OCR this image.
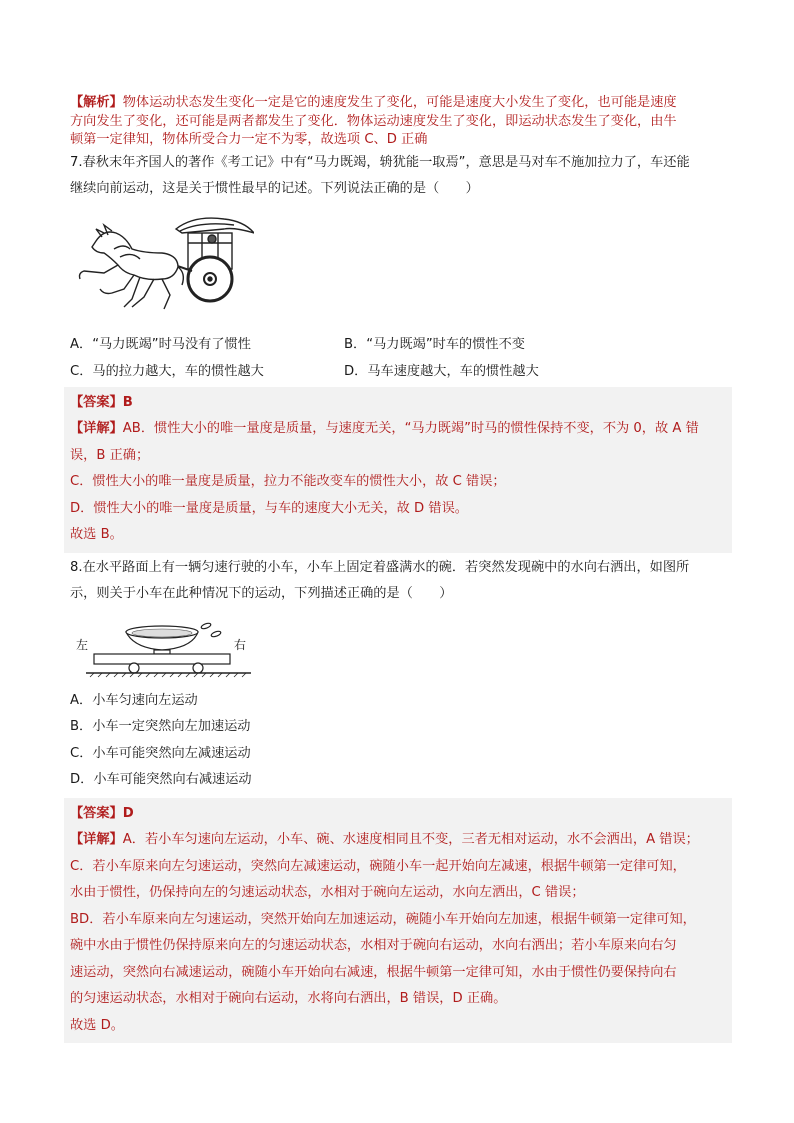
【解析】物体运动状态发生变化一定是它的速度发生了变化，可能是速度大小发生了变化，也可能是速度
方向发生了变化，还可能是两者都发生了变化．物体运动速度发生了变化，即运动状态发生了变化，由牛
顿第一定律知，物体所受合力一定不为零，故选项 C、D 正确
7.春秋末年齐国人的著作《考工记》中有“马力既竭，辀犹能一取焉”，意思是马对车不施加拉力了，车还能
继续向前运动，这是关于惯性最早的记述。下列说法正确的是（　　）
A．“马力既竭”时马没有了惯性	B．“马力既竭”时车的惯性不变
C．马的拉力越大，车的惯性越大	D．马车速度越大，车的惯性越大
【答案】B
【详解】AB．惯性大小的唯一量度是质量，与速度无关，“马力既竭”时马的惯性保持不变，不为 0，故 A 错
误，B 正确；
C．惯性大小的唯一量度是质量，拉力不能改变车的惯性大小，故 C 错误；
D．惯性大小的唯一量度是质量，与车的速度大小无关，故 D 错误。
故选 B。
8.在水平路面上有一辆匀速行驶的小车，小车上固定着盛满水的碗．若突然发现碗中的水向右洒出，如图所
示，则关于小车在此种情况下的运动，下列描述正确的是（　　）
左	右
A．小车匀速向左运动
B．小车一定突然向左加速运动
C．小车可能突然向左减速运动
D．小车可能突然向右减速运动
【答案】D
【详解】A．若小车匀速向左运动，小车、碗、水速度相同且不变，三者无相对运动，水不会洒出，A 错误；
C．若小车原来向左匀速运动，突然向左减速运动，碗随小车一起开始向左减速，根据牛顿第一定律可知，
水由于惯性，仍保持向左的匀速运动状态，水相对于碗向左运动，水向左洒出，C 错误；
BD．若小车原来向左匀速运动，突然开始向左加速运动，碗随小车开始向左加速，根据牛顿第一定律可知，
碗中水由于惯性仍保持原来向左的匀速运动状态，水相对于碗向右运动，水向右洒出；若小车原来向右匀
速运动，突然向右减速运动，碗随小车开始向右减速，根据牛顿第一定律可知，水由于惯性仍要保持向右
的匀速运动状态，水相对于碗向右运动，水将向右洒出，B 错误，D 正确。
故选 D。
